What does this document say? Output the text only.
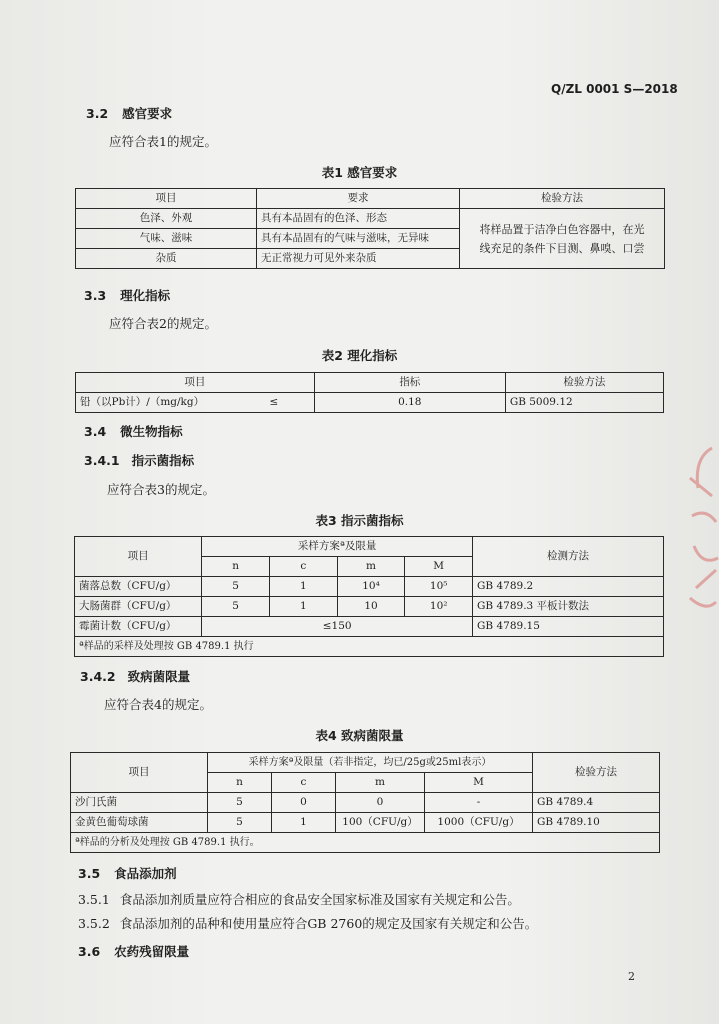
Q/ZL 0001 S—2018
3.2 感官要求
应符合表1的规定。
表1 感官要求
项目	要求	检验方法
色泽、外观	具有本品固有的色泽、形态	将样品置于洁净白色容器中，在光
线充足的条件下目测、鼻嗅、口尝

气味、滋味	具有本品固有的气味与滋味，无异味	
杂质	无正常视力可见外来杂质	
3.3 理化指标
应符合表2的规定。
表2 理化指标
项目		指标	检验方法
铅（以Pb计）/（mg/kg）	≤	0.18	GB 5009.12
3.4 微生物指标
3.4.1 指示菌指标
应符合表3的规定。
表3 指示菌指标
项目	采样方案ª及限量				检测方法
	n	c	m	M	
菌落总数（CFU/g）	5	1	10⁴	10⁵	GB 4789.2
大肠菌群（CFU/g）	5	1	10	10²	GB 4789.3 平板计数法
霉菌计数（CFU/g）	≤150				GB 4789.15
ª样品的采样及处理按 GB 4789.1 执行					
3.4.2 致病菌限量
应符合表4的规定。
表4 致病菌限量
项目	采样方案ª及限量（若非指定，均已/25g或25ml表示）				检验方法
	n	c	m	M	
沙门氏菌	5	0	0	-	GB 4789.4
金黄色葡萄球菌	5	1	100（CFU/g）	1000（CFU/g）	GB 4789.10
ª样品的分析及处理按 GB 4789.1 执行。					
3.5 食品添加剂
3.5.1 食品添加剂质量应符合相应的食品安全国家标准及国家有关规定和公告。
3.5.2 食品添加剂的品种和使用量应符合GB 2760的规定及国家有关规定和公告。
3.6 农药残留限量
2
